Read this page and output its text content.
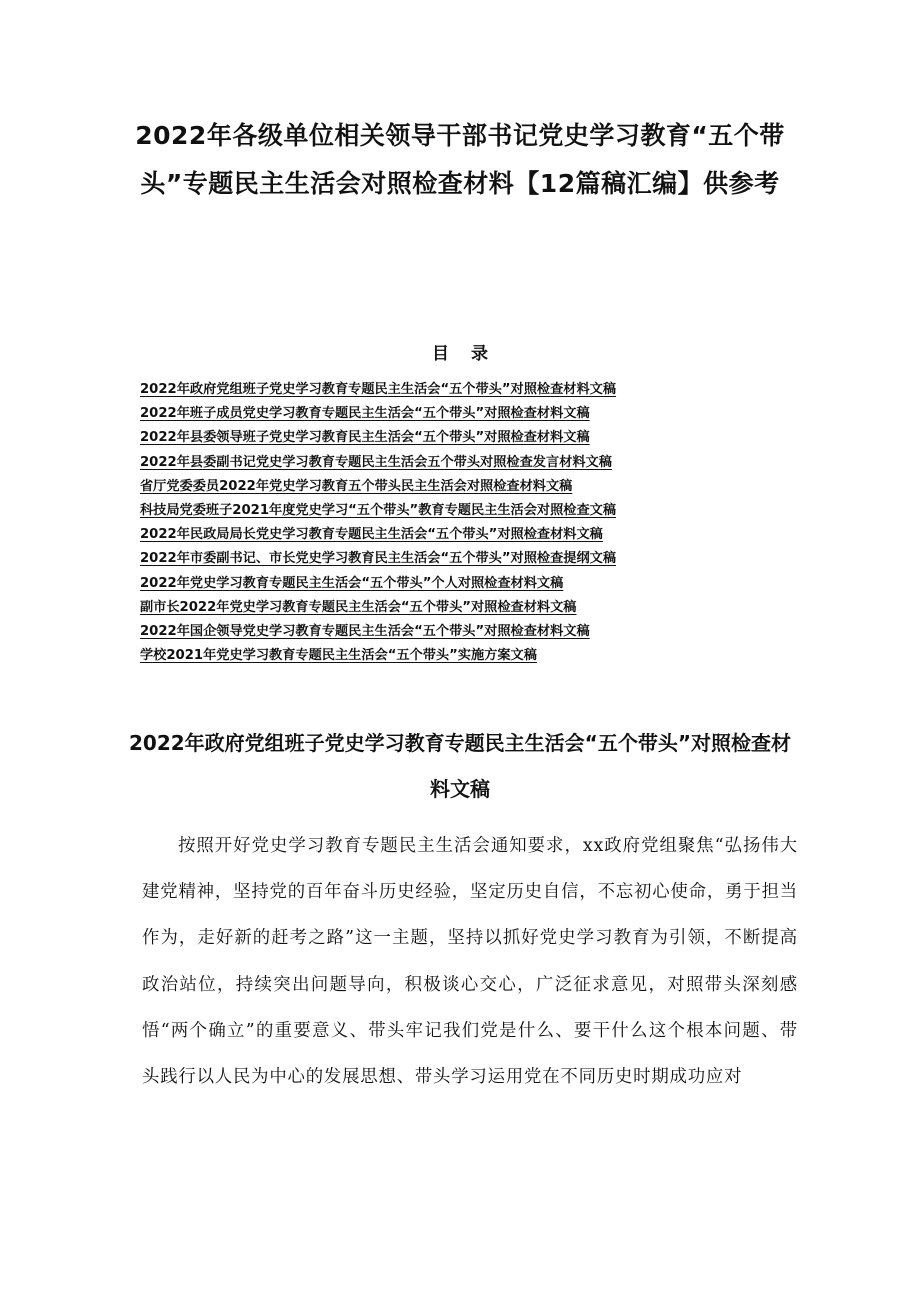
2022年各级单位相关领导干部书记党史学习教育“五个带头”专题民主生活会对照检查材料【12篇稿汇编】供参考
目录
2022年政府党组班子党史学习教育专题民主生活会“五个带头”对照检查材料文稿
2022年班子成员党史学习教育专题民主生活会“五个带头”对照检查材料文稿
2022年县委领导班子党史学习教育民主生活会“五个带头”对照检查材料文稿
2022年县委副书记党史学习教育专题民主生活会五个带头对照检查发言材料文稿
省厅党委委员2022年党史学习教育五个带头民主生活会对照检查材料文稿
科技局党委班子2021年度党史学习“五个带头”教育专题民主生活会对照检查文稿
2022年民政局局长党史学习教育专题民主生活会“五个带头”对照检查材料文稿
2022年市委副书记、市长党史学习教育民主生活会“五个带头”对照检查提纲文稿
2022年党史学习教育专题民主生活会“五个带头”个人对照检查材料文稿
副市长2022年党史学习教育专题民主生活会“五个带头”对照检查材料文稿
2022年国企领导党史学习教育专题民主生活会“五个带头”对照检查材料文稿
学校2021年党史学习教育专题民主生活会“五个带头”实施方案文稿
2022年政府党组班子党史学习教育专题民主生活会“五个带头”对照检查材料文稿

按照开好党史学习教育专题民主生活会通知要求，xx政府党组聚焦“弘扬伟大建党精神，坚持党的百年奋斗历史经验，坚定历史自信，不忘初心使命，勇于担当作为，走好新的赶考之路”这一主题，坚持以抓好党史学习教育为引领，不断提高政治站位，持续突出问题导向，积极谈心交心，广泛征求意见，对照带头深刻感悟“两个确立”的重要意义、带头牢记我们党是什么、要干什么这个根本问题、带头践行以人民为中心的发展思想、带头学习运用党在不同历史时期成功应对
